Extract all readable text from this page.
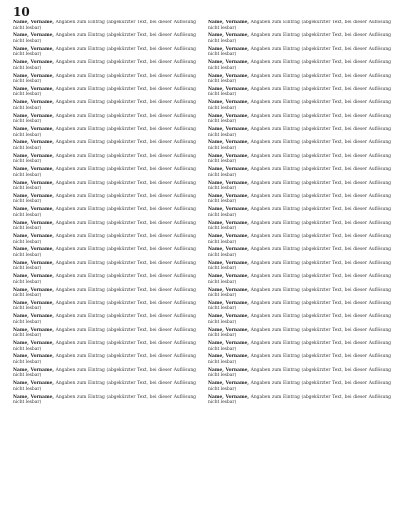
10
Name, Vorname, Angaben zum Eintrag (abgekürzter Text, bei dieser Auflösung nicht lesbar)
Name, Vorname, Angaben zum Eintrag (abgekürzter Text, bei dieser Auflösung nicht lesbar)
Name, Vorname, Angaben zum Eintrag (abgekürzter Text, bei dieser Auflösung nicht lesbar)
Name, Vorname, Angaben zum Eintrag (abgekürzter Text, bei dieser Auflösung nicht lesbar)
Name, Vorname, Angaben zum Eintrag (abgekürzter Text, bei dieser Auflösung nicht lesbar)
Name, Vorname, Angaben zum Eintrag (abgekürzter Text, bei dieser Auflösung nicht lesbar)
Name, Vorname, Angaben zum Eintrag (abgekürzter Text, bei dieser Auflösung nicht lesbar)
Name, Vorname, Angaben zum Eintrag (abgekürzter Text, bei dieser Auflösung nicht lesbar)
Name, Vorname, Angaben zum Eintrag (abgekürzter Text, bei dieser Auflösung nicht lesbar)
Name, Vorname, Angaben zum Eintrag (abgekürzter Text, bei dieser Auflösung nicht lesbar)
Name, Vorname, Angaben zum Eintrag (abgekürzter Text, bei dieser Auflösung nicht lesbar)
Name, Vorname, Angaben zum Eintrag (abgekürzter Text, bei dieser Auflösung nicht lesbar)
Name, Vorname, Angaben zum Eintrag (abgekürzter Text, bei dieser Auflösung nicht lesbar)
Name, Vorname, Angaben zum Eintrag (abgekürzter Text, bei dieser Auflösung nicht lesbar)
Name, Vorname, Angaben zum Eintrag (abgekürzter Text, bei dieser Auflösung nicht lesbar)
Name, Vorname, Angaben zum Eintrag (abgekürzter Text, bei dieser Auflösung nicht lesbar)
Name, Vorname, Angaben zum Eintrag (abgekürzter Text, bei dieser Auflösung nicht lesbar)
Name, Vorname, Angaben zum Eintrag (abgekürzter Text, bei dieser Auflösung nicht lesbar)
Name, Vorname, Angaben zum Eintrag (abgekürzter Text, bei dieser Auflösung nicht lesbar)
Name, Vorname, Angaben zum Eintrag (abgekürzter Text, bei dieser Auflösung nicht lesbar)
Name, Vorname, Angaben zum Eintrag (abgekürzter Text, bei dieser Auflösung nicht lesbar)
Name, Vorname, Angaben zum Eintrag (abgekürzter Text, bei dieser Auflösung nicht lesbar)
Name, Vorname, Angaben zum Eintrag (abgekürzter Text, bei dieser Auflösung nicht lesbar)
Name, Vorname, Angaben zum Eintrag (abgekürzter Text, bei dieser Auflösung nicht lesbar)
Name, Vorname, Angaben zum Eintrag (abgekürzter Text, bei dieser Auflösung nicht lesbar)
Name, Vorname, Angaben zum Eintrag (abgekürzter Text, bei dieser Auflösung nicht lesbar)
Name, Vorname, Angaben zum Eintrag (abgekürzter Text, bei dieser Auflösung nicht lesbar)
Name, Vorname, Angaben zum Eintrag (abgekürzter Text, bei dieser Auflösung nicht lesbar)
Name, Vorname, Angaben zum Eintrag (abgekürzter Text, bei dieser Auflösung nicht lesbar)
Name, Vorname, Angaben zum Eintrag (abgekürzter Text, bei dieser Auflösung nicht lesbar)
Name, Vorname, Angaben zum Eintrag (abgekürzter Text, bei dieser Auflösung nicht lesbar)
Name, Vorname, Angaben zum Eintrag (abgekürzter Text, bei dieser Auflösung nicht lesbar)
Name, Vorname, Angaben zum Eintrag (abgekürzter Text, bei dieser Auflösung nicht lesbar)
Name, Vorname, Angaben zum Eintrag (abgekürzter Text, bei dieser Auflösung nicht lesbar)
Name, Vorname, Angaben zum Eintrag (abgekürzter Text, bei dieser Auflösung nicht lesbar)
Name, Vorname, Angaben zum Eintrag (abgekürzter Text, bei dieser Auflösung nicht lesbar)
Name, Vorname, Angaben zum Eintrag (abgekürzter Text, bei dieser Auflösung nicht lesbar)
Name, Vorname, Angaben zum Eintrag (abgekürzter Text, bei dieser Auflösung nicht lesbar)
Name, Vorname, Angaben zum Eintrag (abgekürzter Text, bei dieser Auflösung nicht lesbar)
Name, Vorname, Angaben zum Eintrag (abgekürzter Text, bei dieser Auflösung nicht lesbar)
Name, Vorname, Angaben zum Eintrag (abgekürzter Text, bei dieser Auflösung nicht lesbar)
Name, Vorname, Angaben zum Eintrag (abgekürzter Text, bei dieser Auflösung nicht lesbar)
Name, Vorname, Angaben zum Eintrag (abgekürzter Text, bei dieser Auflösung nicht lesbar)
Name, Vorname, Angaben zum Eintrag (abgekürzter Text, bei dieser Auflösung nicht lesbar)
Name, Vorname, Angaben zum Eintrag (abgekürzter Text, bei dieser Auflösung nicht lesbar)
Name, Vorname, Angaben zum Eintrag (abgekürzter Text, bei dieser Auflösung nicht lesbar)
Name, Vorname, Angaben zum Eintrag (abgekürzter Text, bei dieser Auflösung nicht lesbar)
Name, Vorname, Angaben zum Eintrag (abgekürzter Text, bei dieser Auflösung nicht lesbar)
Name, Vorname, Angaben zum Eintrag (abgekürzter Text, bei dieser Auflösung nicht lesbar)
Name, Vorname, Angaben zum Eintrag (abgekürzter Text, bei dieser Auflösung nicht lesbar)
Name, Vorname, Angaben zum Eintrag (abgekürzter Text, bei dieser Auflösung nicht lesbar)
Name, Vorname, Angaben zum Eintrag (abgekürzter Text, bei dieser Auflösung nicht lesbar)
Name, Vorname, Angaben zum Eintrag (abgekürzter Text, bei dieser Auflösung nicht lesbar)
Name, Vorname, Angaben zum Eintrag (abgekürzter Text, bei dieser Auflösung nicht lesbar)
Name, Vorname, Angaben zum Eintrag (abgekürzter Text, bei dieser Auflösung nicht lesbar)
Name, Vorname, Angaben zum Eintrag (abgekürzter Text, bei dieser Auflösung nicht lesbar)
Name, Vorname, Angaben zum Eintrag (abgekürzter Text, bei dieser Auflösung nicht lesbar)
Name, Vorname, Angaben zum Eintrag (abgekürzter Text, bei dieser Auflösung nicht lesbar)
